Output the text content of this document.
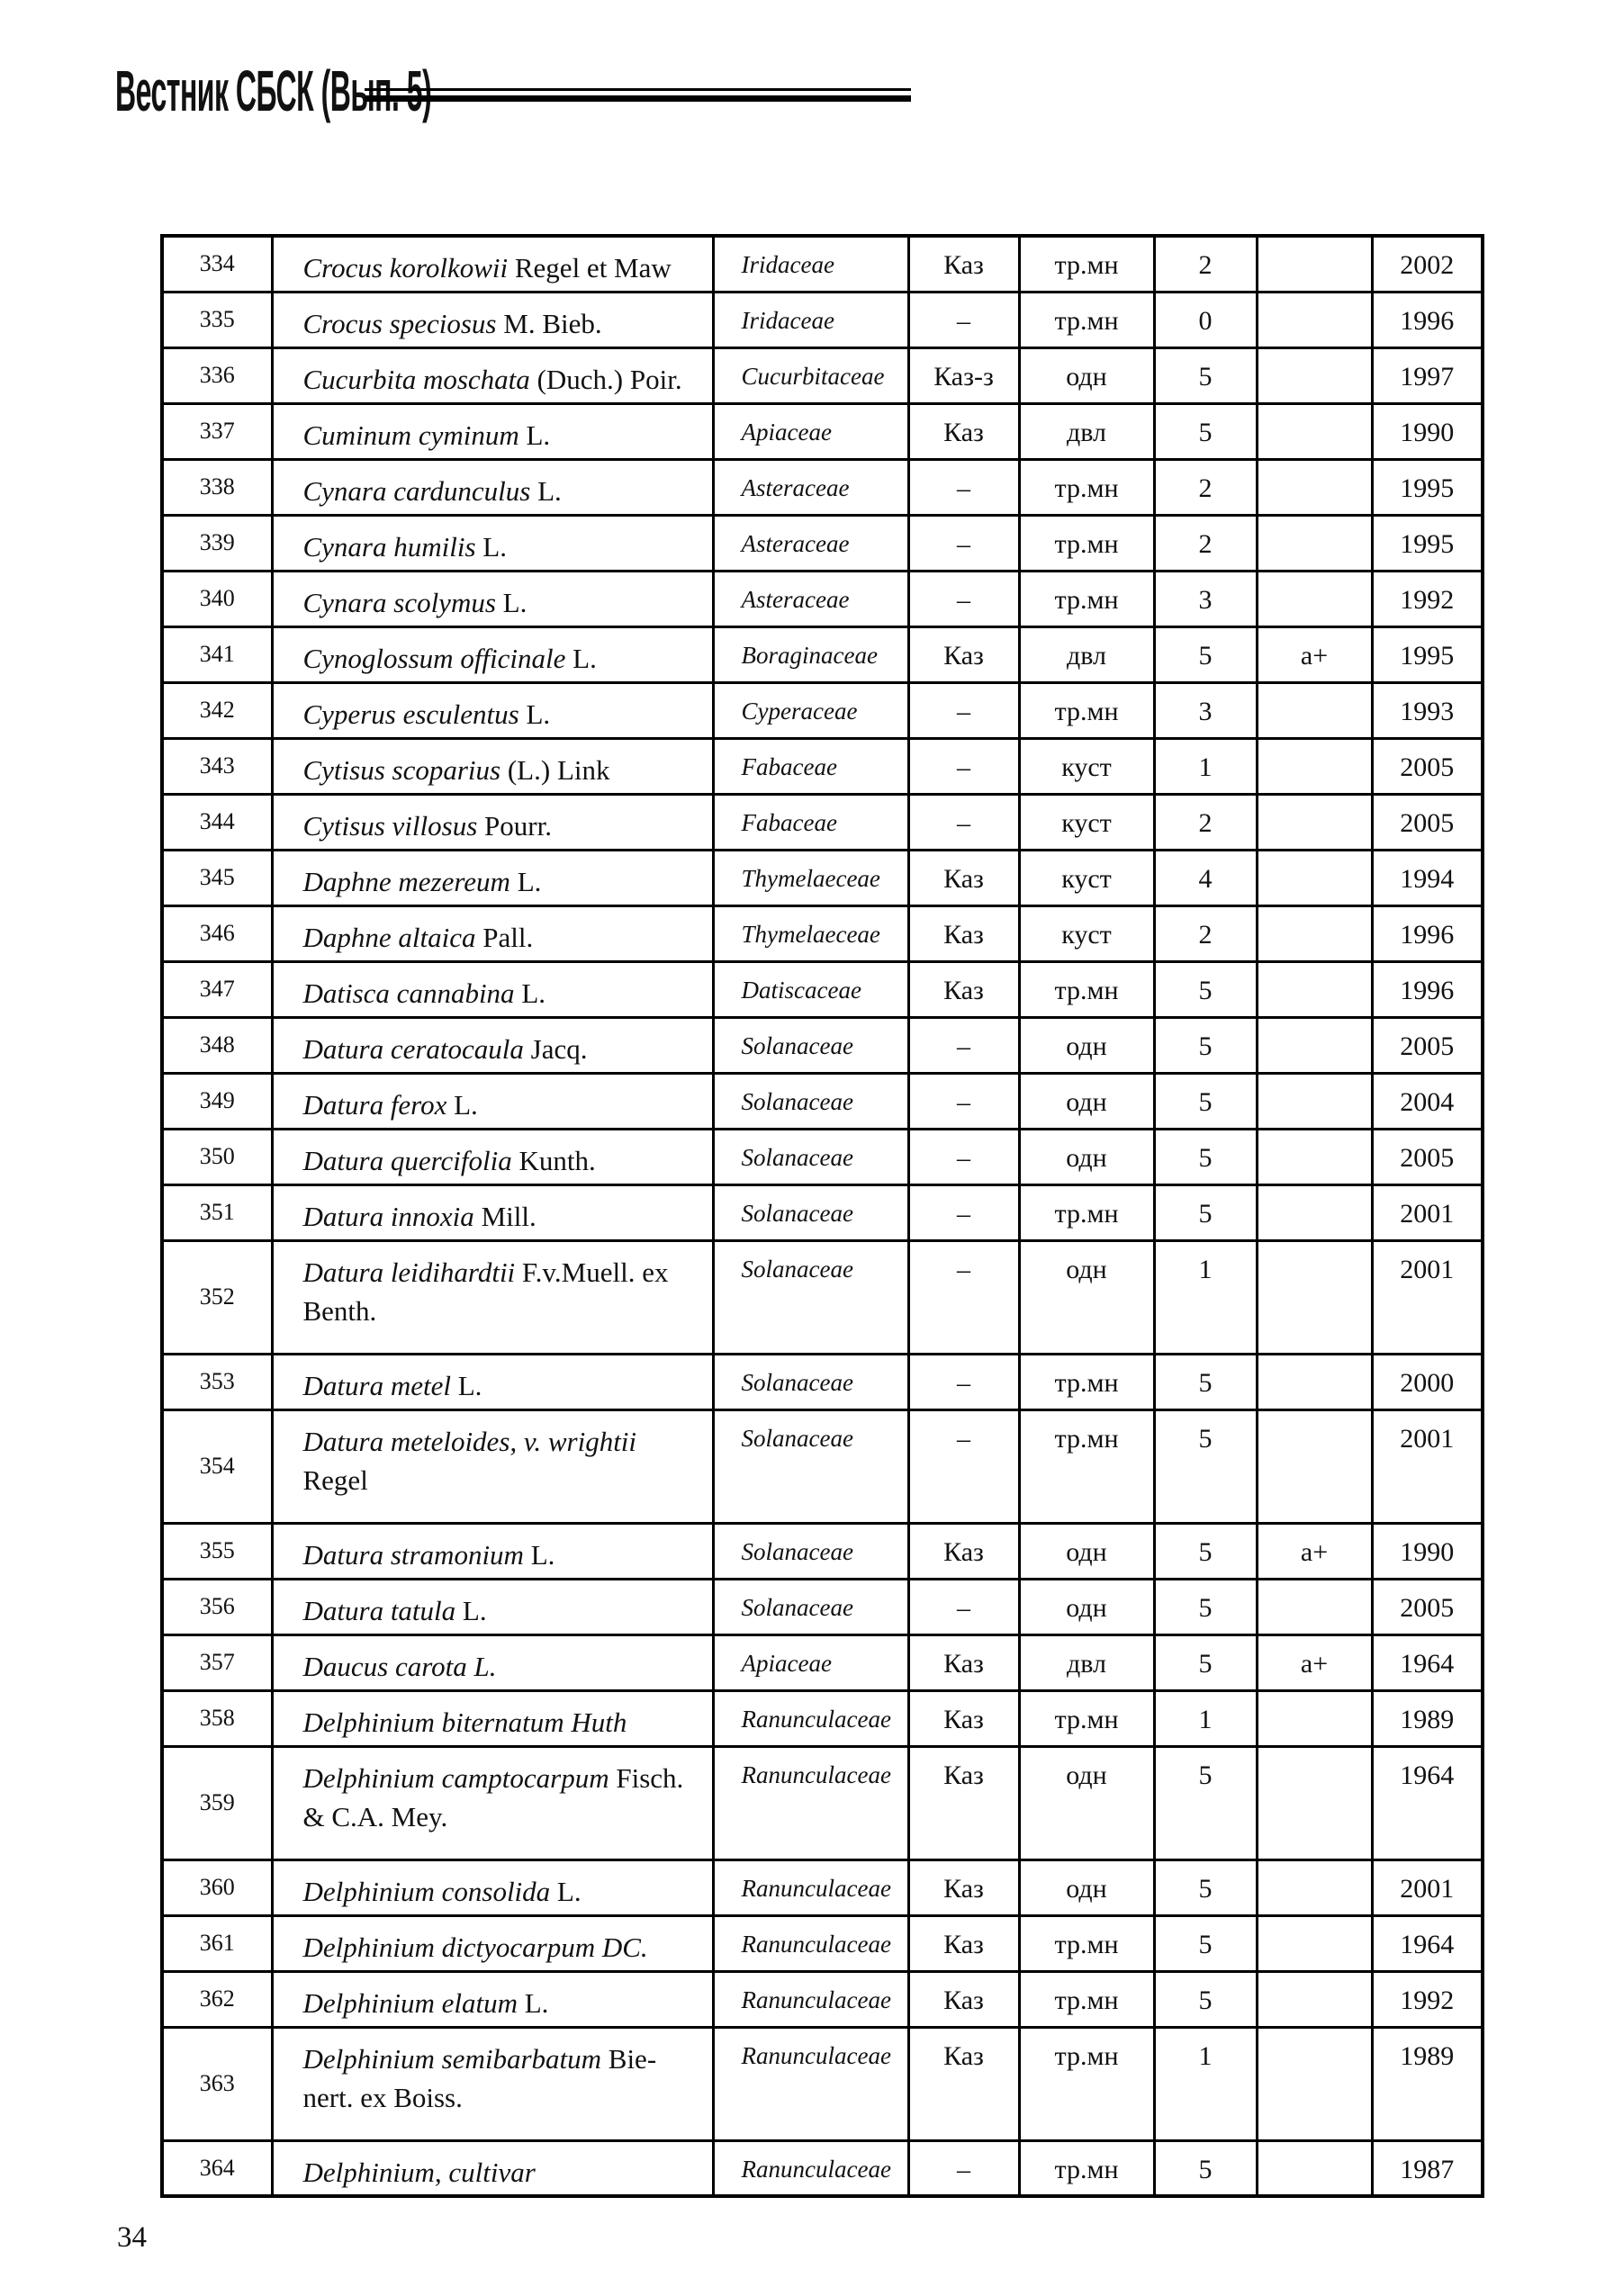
Вестник СБСК (Вып. 5)
334	Crocus korolkowii Regel et Maw	Iridaceae	Каз	тр.мн	2		2002
335	Crocus speciosus M. Bieb.	Iridaceae	–	тр.мн	0		1996
336	Cucurbita moschata (Duch.) Poir.	Cucurbitaceae	Каз-з	одн	5		1997
337	Cuminum cyminum L.	Apiaceae	Каз	двл	5		1990
338	Cynara cardunculus L.	Asteraceae	–	тр.мн	2		1995
339	Cynara humilis L.	Asteraceae	–	тр.мн	2		1995
340	Cynara scolymus L.	Asteraceae	–	тр.мн	3		1992
341	Cynoglossum officinale L.	Boraginaceae	Каз	двл	5	a+	1995
342	Cyperus esculentus L.	Cyperaceae	–	тр.мн	3		1993
343	Cytisus scoparius (L.) Link	Fabaceae	–	куст	1		2005
344	Cytisus villosus Pourr.	Fabaceae	–	куст	2		2005
345	Daphne mezereum L.	Thymelaeceae	Каз	куст	4		1994
346	Daphne altaica Pall.	Thymelaeceae	Каз	куст	2		1996
347	Datisca cannabina L.	Datiscaceae	Каз	тр.мн	5		1996
348	Datura ceratocaula Jacq.	Solanaceae	–	одн	5		2005
349	Datura ferox L.	Solanaceae	–	одн	5		2004
350	Datura quercifolia Kunth.	Solanaceae	–	одн	5		2005
351	Datura innoxia Mill.	Solanaceae	–	тр.мн	5		2001
352	Datura leidihardtii F.v.Muell. ex Benth.	Solanaceae	–	одн	1		2001
353	Datura metel L.	Solanaceae	–	тр.мн	5		2000
354	Datura meteloides, v. wrightii Regel	Solanaceae	–	тр.мн	5		2001
355	Datura stramonium L.	Solanaceae	Каз	одн	5	a+	1990
356	Datura tatula L.	Solanaceae	–	одн	5		2005
357	Daucus carota L.	Apiaceae	Каз	двл	5	a+	1964
358	Delphinium biternatum Huth	Ranunculaceae	Каз	тр.мн	1		1989
359	Delphinium camptocarpum Fisch. & C.A. Mey.	Ranunculaceae	Каз	одн	5		1964
360	Delphinium consolida L.	Ranunculaceae	Каз	одн	5		2001
361	Delphinium dictyocarpum DC.	Ranunculaceae	Каз	тр.мн	5		1964
362	Delphinium elatum L.	Ranunculaceae	Каз	тр.мн	5		1992
363	Delphinium semibarbatum Bie-nert. ex Boiss.	Ranunculaceae	Каз	тр.мн	1		1989
364	Delphinium, cultivar	Ranunculaceae	–	тр.мн	5		1987
34
